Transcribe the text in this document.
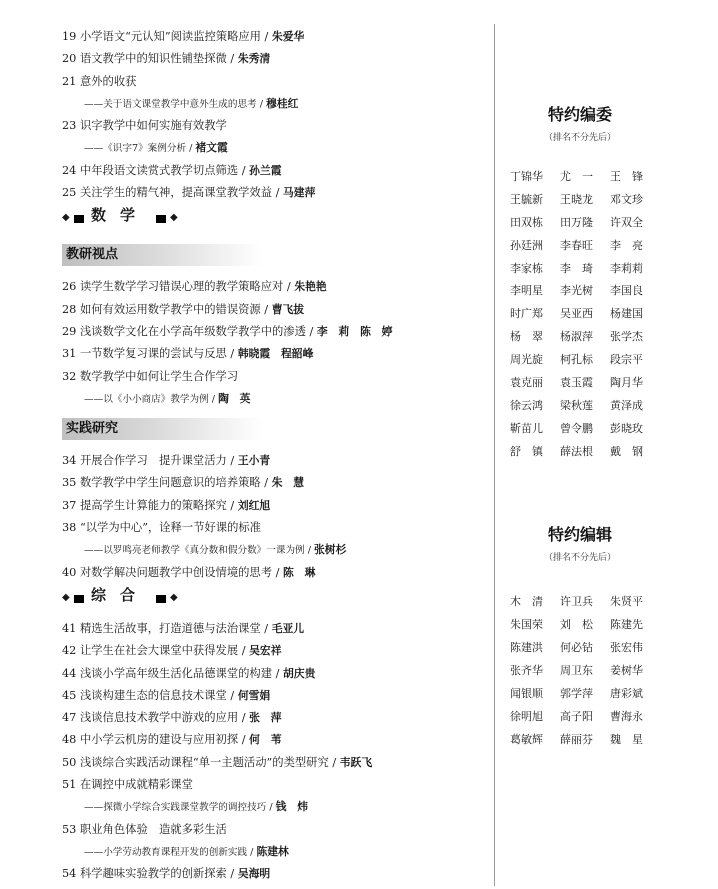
19 小学语文“元认知”阅读监控策略应用 / 朱爱华
20 语文教学中的知识性铺垫探微 / 朱秀清
21 意外的收获
——关于语文课堂教学中意外生成的思考 / 穆桂红
23 识字教学中如何实施有效教学
——《识字7》案例分析 / 褚文霞
24 中年段语文读赏式教学切点筛选 / 孙兰霞
25 关注学生的精气神，提高课堂教学效益 / 马建萍
◆	数学	◆
教研视点
26 读学生数学学习错误心理的教学策略应对 / 朱艳艳
28 如何有效运用数学教学中的错误资源 / 曹飞拔
29 浅谈数学文化在小学高年级数学教学中的渗透 / 李　莉　陈　婷
31 一节数学复习课的尝试与反思 / 韩晓霞　程韶峰
32 数学教学中如何让学生合作学习
——以《小小商店》教学为例 / 陶　英
实践研究
34 开展合作学习　提升课堂活力 / 王小青
35 数学教学中学生问题意识的培养策略 / 朱　慧
37 提高学生计算能力的策略探究 / 刘红旭
38 “以学为中心”，诠释一节好课的标准
——以罗鸣亮老师教学《真分数和假分数》一课为例 / 张树杉
40 对数学解决问题教学中创设情境的思考 / 陈　琳
◆	综合	◆
41 精选生活故事，打造道德与法治课堂 / 毛亚儿
42 让学生在社会大课堂中获得发展 / 吴宏祥
44 浅谈小学高年级生活化品德课堂的构建 / 胡庆贵
45 浅谈构建生态的信息技术课堂 / 何雪娟
47 浅谈信息技术教学中游戏的应用 / 张　萍
48 中小学云机房的建设与应用初探 / 何　苇
50 浅谈综合实践活动课程“单一主题活动”的类型研究 / 韦跃飞
51 在调控中成就精彩课堂
——探微小学综合实践课堂教学的调控技巧 / 钱　炜
53 职业角色体验　造就多彩生活
——小学劳动教育课程开发的创新实践 / 陈建林
54 科学趣味实验教学的创新探索 / 吴海明
特约编委
（排名不分先后）
丁锦华 尤　一 王　锋
王毓新 王晓龙 邓文珍
田双栋 田万隆 许双全
孙廷洲 李春旺 李　亮
李家栋 李　琦 李莉莉
李明星 李光树 李国良
时广郑 吴亚西 杨建国
杨　翠 杨淑萍 张学杰
周光旋 柯孔标 段宗平
袁克丽 袁玉霞 陶月华
徐云鸿 梁秋莲 黄泽成
靳苗儿 曾令鹏 彭晓玫
舒　镇 薛法根 戴　钢
特约编辑
（排名不分先后）
木　清 许卫兵 朱贤平
朱国荣 刘　松 陈建先
陈建洪 何必钻 张宏伟
张齐华 周卫东 姜树华
闻银顺 郭学萍 唐彩斌
徐明旭 高子阳 曹海永
葛敏辉 薛丽芬 魏　星
